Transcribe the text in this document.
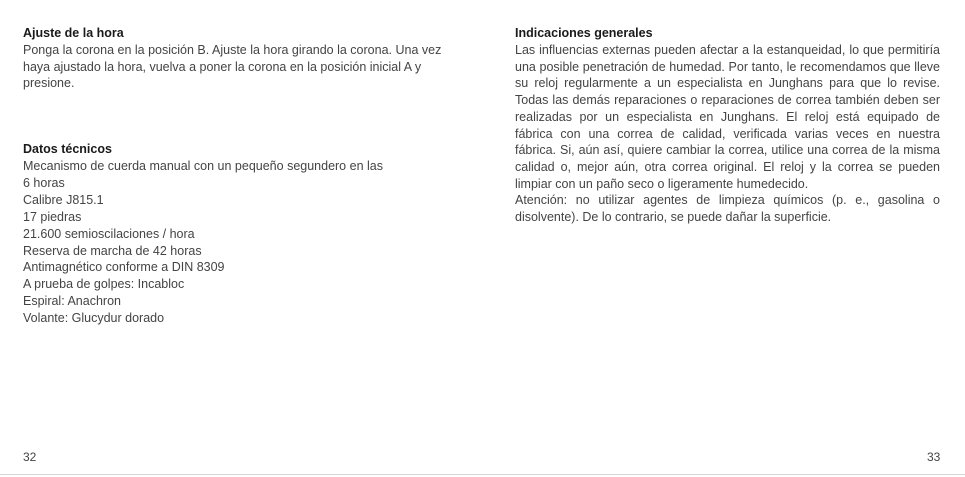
Ajuste de la hora

Ponga la corona en la posición B. Ajuste la hora girando la corona. Una vez haya ajustado la hora, vuelva a poner la corona en la posición inicial A y presione.

Datos técnicos
Mecanismo de cuerda manual con un pequeño segundero en las
6 horas
Calibre J815.1
17 piedras
21.600 semioscilaciones / hora
Reserva de marcha de 42 horas
Antimagnético conforme a DIN 8309
A prueba de golpes: Incabloc
Espiral: Anachron
Volante: Glucydur dorado
32
Indicaciones generales

Las influencias externas pueden afectar a la estanqueidad, lo que permitiría una posible penetración de humedad. Por tanto, le recomendamos que lleve su reloj regularmente a un especialista en Junghans para que lo revise. Todas las demás reparaciones o reparaciones de correa también deben ser realizadas por un especialista en Junghans. El reloj está equipado de fábrica con una correa de calidad, verificada varias veces en nuestra fábrica. Si, aún así, quiere cambiar la correa, utilice una correa de la misma calidad o, mejor aún, otra correa original. El reloj y la correa se pueden limpiar con un paño seco o ligeramente humedecido.

Atención: no utilizar agentes de limpieza químicos (p. e., gasolina o disolvente). De lo contrario, se puede dañar la superficie.

33
